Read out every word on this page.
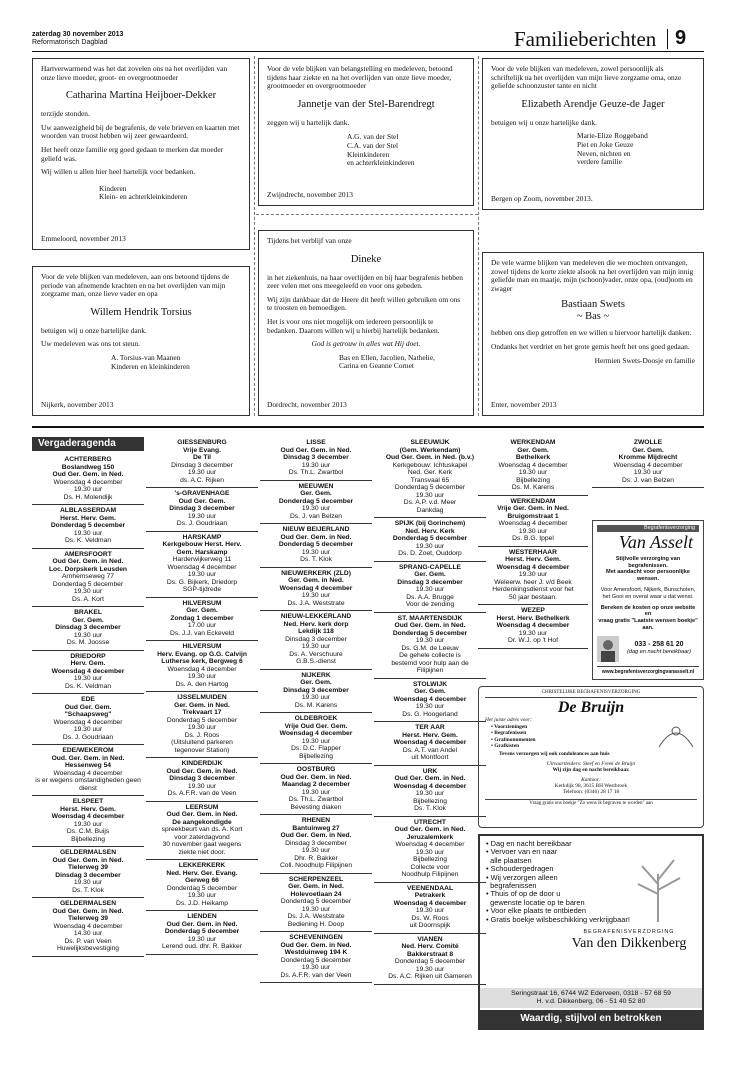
zaterdag 30 november 2013
Reformatorisch Dagblad	Familieberichten 9

Hartverwarmend was het dat zovelen ons na het overlijden van onze lieve moeder, groot- en overgrootmoeder

Catharina Martina Heijboer-Dekker

terzijde stonden.

Uw aanwezigheid bij de begrafenis, de vele brieven en kaarten met woorden van troost hebben wij zeer gewaardeerd.

Het heeft onze familie erg goed gedaan te merken dat moeder geliefd was.

Wij willen u allen hier heel hartelijk voor bedanken.

Kinderen
Klein- en achterkleinkinderen
Emmeloord, november 2013

Voor de vele blijken van belangstelling en medeleven, betoond tijdens haar ziekte en na het overlijden van onze lieve moeder, grootmoeder en overgrootmoeder

Jannetje van der Stel-Barendregt

zeggen wij u hartelijk dank.

A.G. van der Stel
C.A. van der Stel
Kleinkinderen
en achterkleinkinderen
Zwijndrecht, november 2013

Voor de vele blijken van medeleven, zowel persoonlijk als schriftelijk na het overlijden van mijn lieve zorgzame oma, onze geliefde schoonzuster tante en nicht

Elizabeth Arendje Geuze-de Jager

betuigen wij u onze hartelijke dank.

Marie-Elize Roggeband
Piet en Joke Geuze
Neven, nichten en
verdere familie
Bergen op Zoom, november 2013.

Voor de vele blijken van medeleven, aan ons betoond tijdens de periode van afnemende krachten en na het overlijden van mijn zorgzame man, onze lieve vader en opa

Willem Hendrik Torsius

betuigen wij u onze hartelijke dank.

Uw medeleven was ons tot steun.

A. Torsius-van Maanen
Kinderen en kleinkinderen
Nijkerk, november 2013

Tijdens het verblijf van onze

Dineke

in het ziekenhuis, na haar overlijden en bij haar begrafenis hebben zeer velen met ons meegeleefd en voor ons gebeden.

Wij zijn dankbaar dat de Heere dit heeft willen gebruiken om ons te troosten en bemoedigen.

Het is voor ons niet mogelijk om iedereen persoonlijk te bedanken. Daarom willen wij u hierbij hartelijk bedanken.

God is getrouw in alles wat Hij doet.

Bas en Ellen, Jacolien, Nathelie,
Carina en Geanne Cornet
Dordrecht, november 2013

De vele warme blijken van medeleven die we mochten ontvangen, zowel tijdens de korte ziekte alsook na het overlijden van mijn innig geliefde man en maatje, mijn (schoon)vader, onze opa, (oud)oom en zwager

Bastiaan Swets
~ Bas ~

hebben ons diep getroffen en we willen u hiervoor hartelijk danken.

Ondanks het verdriet en het grote gemis heeft het ons goed gedaan.

Hermien Swets-Doosje en familie
Enter, november 2013
Vergaderagenda
ACHTERBERG
Boslandweg 150
Oud Ger. Gem. in Ned.
Woensdag 4 december
19.30 uur
Ds. H. Molendijk
ALBLASSERDAM
Herst. Herv. Gem.
Donderdag 5 december
19.30 uur
Ds. K. Veldman
AMERSFOORT
Oud Ger. Gem. in Ned.
Loc. Dorpskerk Leusden
Arnhemseweg 77
Donderdag 5 december
19.30 uur
Ds. A. Kort
BRAKEL
Ger. Gem.
Dinsdag 3 december
19.30 uur
Ds. M. Joosse
DRIEDORP
Herv. Gem.
Woensdag 4 december
19.30 uur
Ds. K. Veldman
EDE
Oud Ger. Gem.
"Schaapsweg"
Woensdag 4 december
19.30 uur
Ds. J. Goudriaan
EDE/WEKEROM
Oud. Ger. Gem. in Ned.
Hessenweg 54
Woensdag 4 december
is er wegens omstandigheden geen dienst
ELSPEET
Herst. Herv. Gem.
Woensdag 4 december
19.30 uur
Ds. C.M. Buijs
Bijbellezing
GELDERMALSEN
Oud Ger. Gem. in Ned.
Tielerweg 39
Dinsdag 3 december
19.30 uur
Ds. T. Klok
GELDERMALSEN
Oud Ger. Gem. in Ned.
Tielerweg 39
Woensdag 4 december
14.30 uur
Ds. P. van Veen
Huwelijksbevestiging
GIESSENBURG
Vrije Evang.
De Til
Dinsdag 3 december
19.30 uur
ds. A.C. Rijken
's-GRAVENHAGE
Oud Ger. Gem.
Dinsdag 3 december
19.30 uur
Ds. J. Goudriaan
HARSKAMP
Kerkgebouw Herst. Herv.
Gem. Harskamp
Harderwijkerweg 11
Woensdag 4 december
19.30 uur
Ds. G. Bijkerk, Driedorp
SGP-tijdrede
HILVERSUM
Ger. Gem.
Zondag 1 december
17.00 uur
Ds. J.J. van Eckeveld
HILVERSUM
Herv. Evang. op G.G. Calvijn
Lutherse kerk, Bergweg 6
Woensdag 4 december
19.30 uur
Ds. A. den Hartog
IJSSELMUIDEN
Ger. Gem. in Ned.
Trekvaart 17
Donderdag 5 december
19.30 uur
Ds. J. Roos
(Uitsluitend parkeren
tegenover Station)
KINDERDIJK
Oud Ger. Gem. in Ned.
Dinsdag 3 december
19.30 uur
Ds. A.F.R. van de Veen
LEERSUM
Oud Ger. Gem. in Ned.
De aangekondigde
spreekbeurt van ds. A. Kort
voor zaterdagvond
30 november gaat wegens
ziekte niet door.
LEKKERKERK
Ned. Herv. Ger. Evang.
Gerweg 66
Donderdag 5 december
19.30 uur
Ds. J.D. Heikamp
LIENDEN
Oud Ger. Gem. in Ned.
Donderdag 5 december
19.30 uur
Lerend oud. dhr. R. Bakker
LISSE
Oud Ger. Gem. in Ned.
Dinsdag 3 december
19.30 uur
Ds. Th.L. Zwartbol
MEEUWEN
Ger. Gem.
Donderdag 5 december
19.30 uur
Ds. J. van Belzen
NIEUW BEIJERLAND
Oud Ger. Gem. in Ned.
Donderdag 5 december
19.30 uur
Ds. T. Klok
NIEUWERKERK (ZLD)
Ger. Gem. in Ned.
Woensdag 4 december
19.30 uur
Ds. J.A. Weststrate
NIEUW-LEKKERLAND
Ned. Herv. kerk dorp
Lekdijk 118
Dinsdag 3 december
19.30 uur
Ds. A. Verschuure
G.B.S.-dienst
NIJKERK
Ger. Gem.
Dinsdag 3 december
19.30 uur
Ds. M. Karens
OLDEBROEK
Vrije Oud Ger. Gem.
Woensdag 4 december
19.30 uur
Ds. D.C. Flapper
Bijbellezing
OOSTBURG
Oud Ger. Gem. in Ned.
Maandag 2 december
19.30 uur
Ds. Th.L. Zwartbol
Bevesting diaken
RHENEN
Bantuinweg 27
Oud Ger. Gem. in Ned.
Dinsdag 3 december
19.30 uur
Dhr. R. Bakker
Coll. Noodhulp Filipijnen
SCHERPENZEEL
Ger. Gem. in Ned.
Holevoetlaan 24
Donderdag 5 december
19.30 uur
Ds. J.A. Weststrate
Bediening H. Doop
SCHEVENINGEN
Oud Ger. Gem. in Ned.
Westduinweg 194 K
Donderdag 5 december
19.30 uur
Ds. A.F.R. van der Veen
SLEEUWIJK
(Gem. Werkendam)
Oud Ger. Gem. in Ned. (b.v.)
Kerkgebouw: Ichtuskapel
Ned. Ger. Kerk
Transvaal 65
Donderdag 5 december
19.30 uur
Ds. A.P. v.d. Meer
Dankdag
SPIJK (bij Gorinchem)
Ned. Herv. Kerk
Donderdag 5 december
19.30 uur
Ds. D. Zoet, Ouddorp
SPRANG-CAPELLE
Ger. Gem.
Dinsdag 3 december
19.30 uur
Ds. A.A. Brugge
Voor de zending
ST. MAARTENSDIJK
Oud Ger. Gem. in Ned.
Donderdag 5 december
19.30 uur
Ds. G.M. de Leeuw
De gehele collecte is
bestemd voor hulp aan de
Filipijnen
STOLWIJK
Ger. Gem.
Woensdag 4 december
19.30 uur
Ds. G. Hoogerland
TER AAR
Herst. Herv. Gem.
Woensdag 4 december
Ds. A.T. van Andel
uit Montfoort
URK
Oud Ger. Gem. in Ned.
Woensdag 4 december
19.30 uur
Bijbellezing
Ds. T. Klok
UTRECHT
Oud Ger. Gem. in Ned.
Jeruzalemkerk
Woensdag 4 december
19.30 uur
Bijbellezing
Collecte voor
Noodhulp Filipijnen
VEENENDAAL
Petrakerk
Woensdag 4 december
19.30 uur
Ds. W. Roos
uit Doornspijk
VIANEN
Ned. Herv. Comité
Bakkerstraat 8
Donderdag 5 december
19.30 uur
Ds. A.C. Rijken uit Gameren
WERKENDAM
Ger. Gem.
Bethelkerk
Woensdag 4 december
19.30 uur
Bijbellezing
Ds. M. Karens
WERKENDAM
Vrije Ger. Gem. in Ned.
Bruigomstraat 1
Woensdag 4 december
19.30 uur
Ds. B.G. Ippel
WESTERHAAR
Herst. Herv. Gem.
Woensdag 4 december
19.30 uur
Weleerw. heer J. v/d Beek
Herdenkingsdienst voor het
50 jaar bestaan.
WEZEP
Herst. Herv. Bethelkerk
Woensdag 4 december
19.30 uur
Dr. W.J. op 't Hof
ZWOLLE
Ger. Gem.
Kromme Mijdrecht
Woensdag 4 december
19.30 uur
Ds. J. van Belzen
Begrafenisverzorging
Van Asselt
Stijlvolle verzorging van begrafenissen.
Met aandacht voor persoonlijke wensen.
Voor Amersfoort, Nijkerk, Bunschoten,
het Gooi en overal waar u dat wenst.
Bereken de kosten op onze website en
vraag gratis "Laatste wensen boekje" aan.
033 - 258 61 20
(dag en nacht bereikbaar)
www.begrafenisverzorgingvanasselt.nl
CHRISTELIJKE BEGRAFENISVERZORGING
De Bruijn
Het juiste adres voor:
• Voorzieningen
• Begrafenissen
• Grafmonumenten
• Grafkisten
Tevens verzorgen wij ook condoleances aan huis
Uitvaartleiders: Steef en Freek de Bruijn
Wij zijn dag en nacht bereikbaar.
Kantoor:
Kerkdijk 98, 3615 BH Westbroek
Telefoon: (0346) 28 17 18
Vraag gratis ons boekje "Zo wens ik begraven te worden" aan
• Dag en nacht bereikbaar
• Vervoer van en naar
alle plaatsen
• Schoudergedragen
• Wij verzorgen alleen
begrafenissen
• Thuis of op de door u
gewenste locatie op te baren
• Voor elke plaats te ontbieden
• Gratis boekje wilsbeschikking verkrijgbaar!
BEGRAFENISVERZORGING
Van den Dikkenberg
Seringstraat 16, 6744 WZ Ederveen, 0318 - 57 68 59
H. v.d. Dikkenberg, 06 - 51 40 52 80
Waardig, stijlvol en betrokken
